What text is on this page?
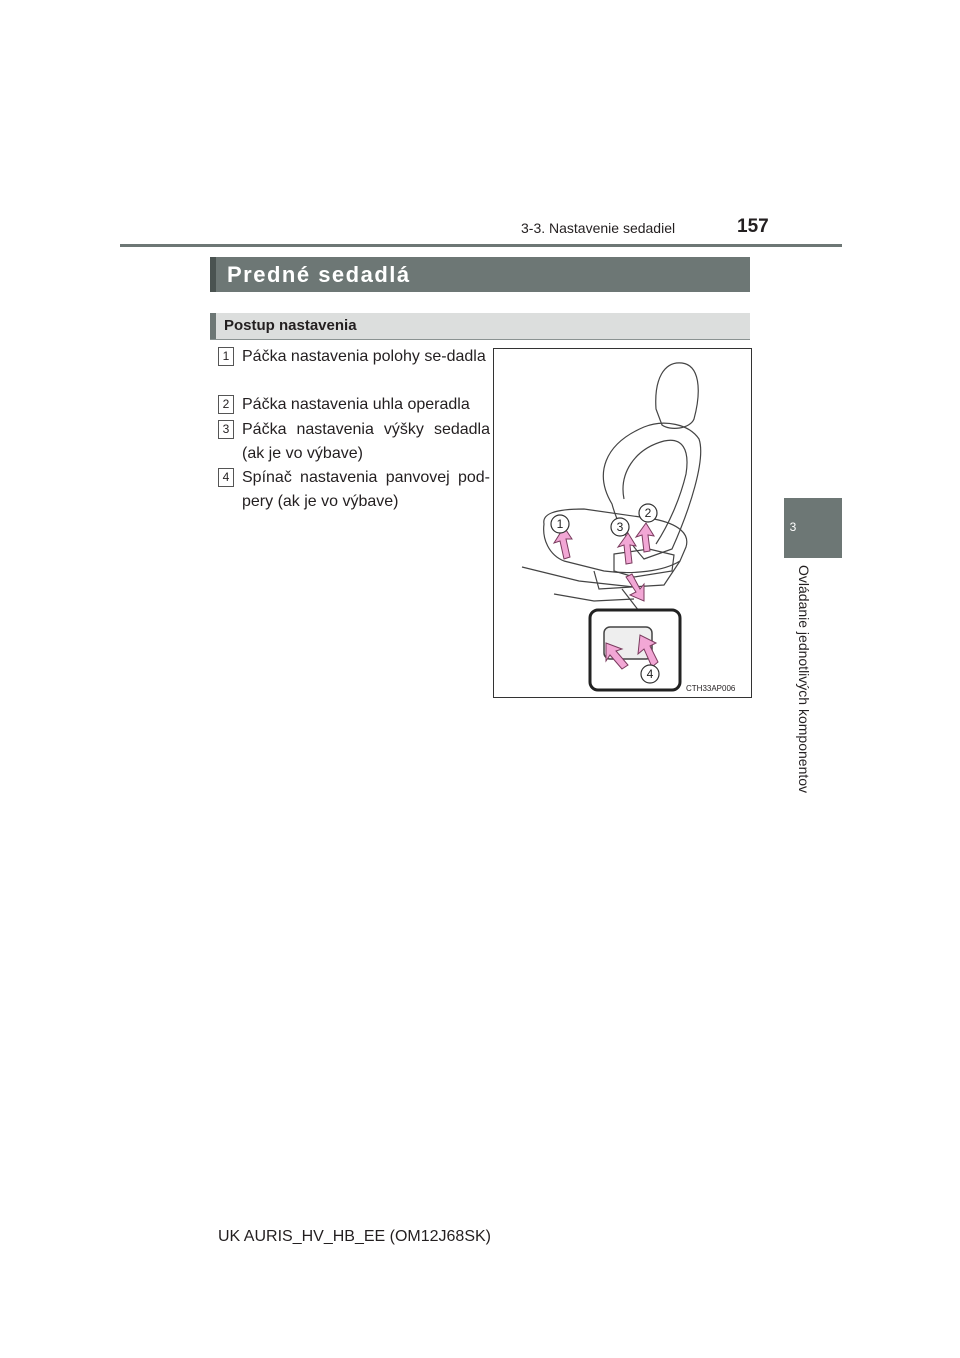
3-3. Nastavenie sedadiel	157
3
Ovládanie jednotlivých komponentov
Predné sedadlá
Postup nastavenia
1 Páčka nastavenia polohy se-dadla
2 Páčka nastavenia uhla operadla
3 Páčka nastavenia výšky sedadla (ak je vo výbave)
4 Spínač nastavenia panvovej pod-pery (ak je vo výbave)
1
2
3
4
CTH33AP006
UK AURIS_HV_HB_EE (OM12J68SK)
